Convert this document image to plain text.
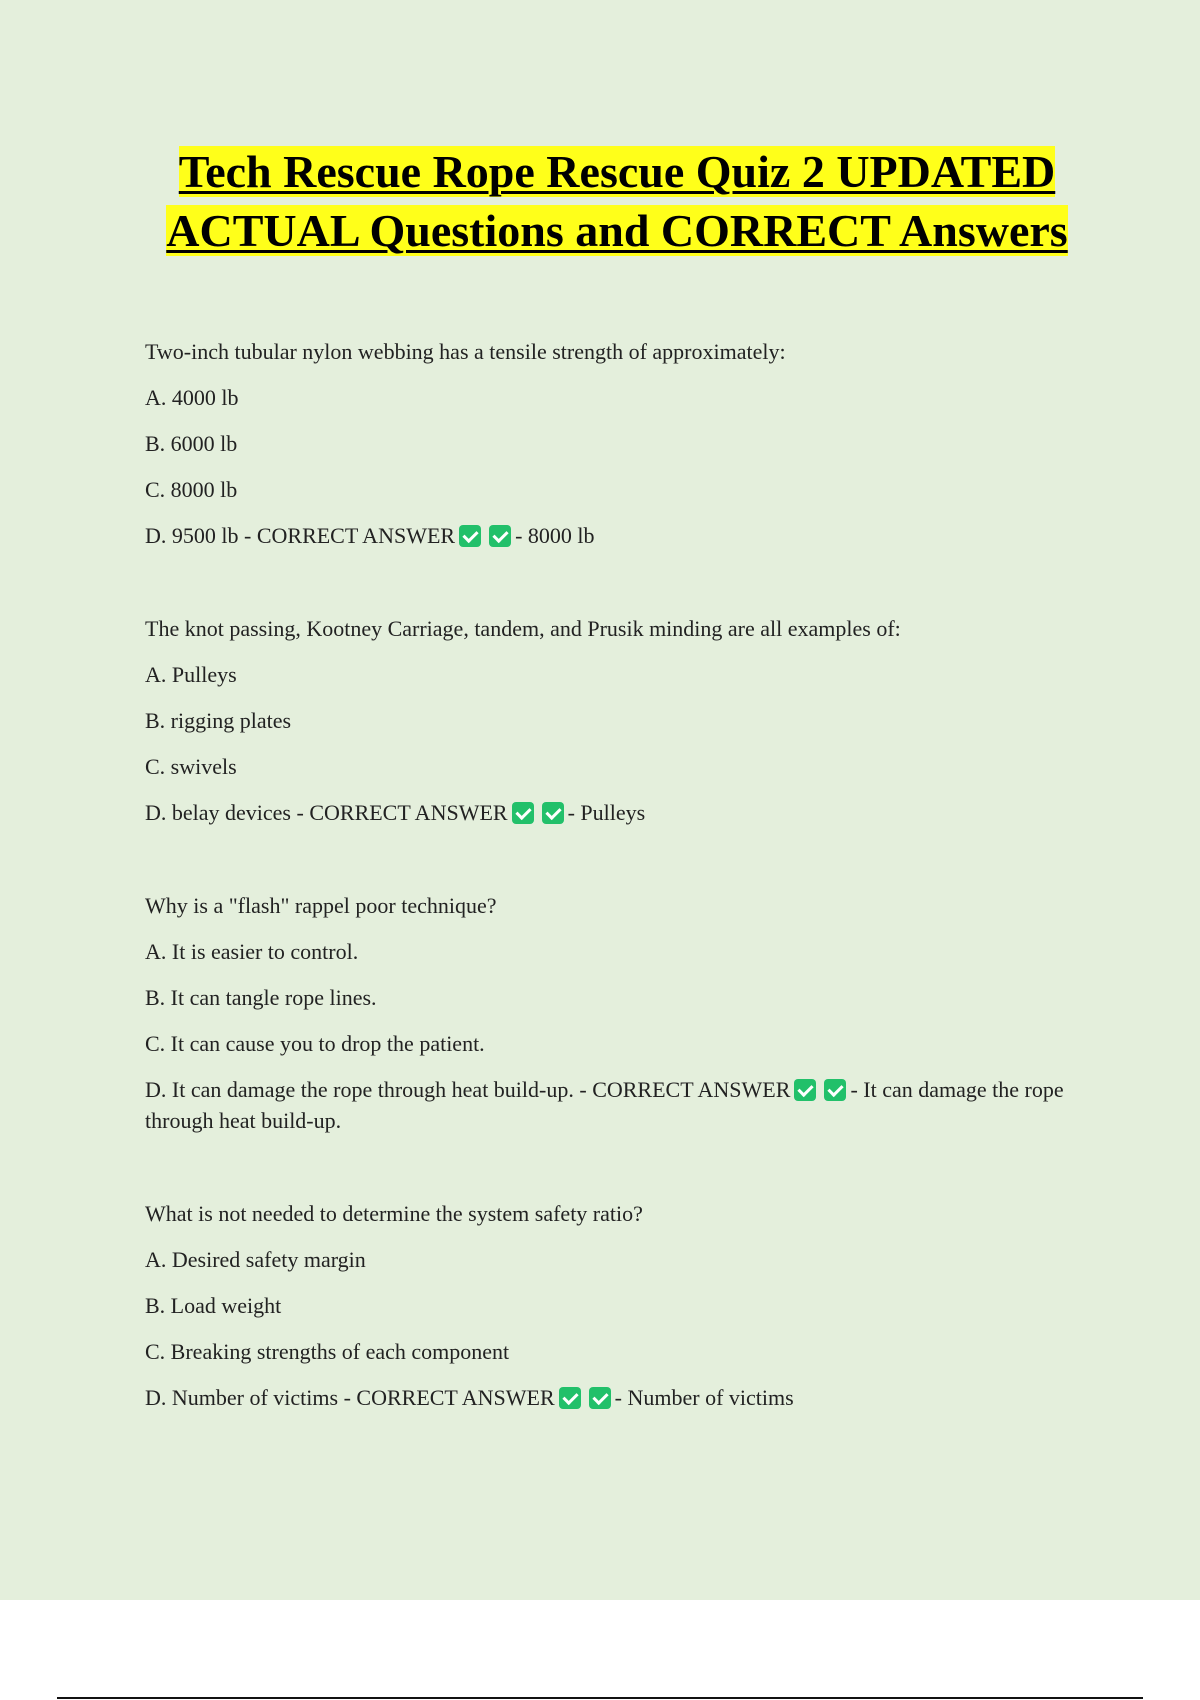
Tech Rescue Rope Rescue Quiz 2 UPDATED ACTUAL Questions and CORRECT Answers

Two-inch tubular nylon webbing has a tensile strength of approximately:

A. 4000 lb

B. 6000 lb

C. 8000 lb

D. 9500 lb - CORRECT ANSWER	- 8000 lb

The knot passing, Kootney Carriage, tandem, and Prusik minding are all examples of:

A. Pulleys

B. rigging plates

C. swivels

D. belay devices - CORRECT ANSWER	- Pulleys

Why is a "flash" rappel poor technique?

A. It is easier to control.

B. It can tangle rope lines.

C. It can cause you to drop the patient.

D. It can damage the rope through heat build-up. - CORRECT ANSWER	- It can damage the rope through heat build-up.

What is not needed to determine the system safety ratio?

A. Desired safety margin

B. Load weight

C. Breaking strengths of each component

D. Number of victims - CORRECT ANSWER	- Number of victims
